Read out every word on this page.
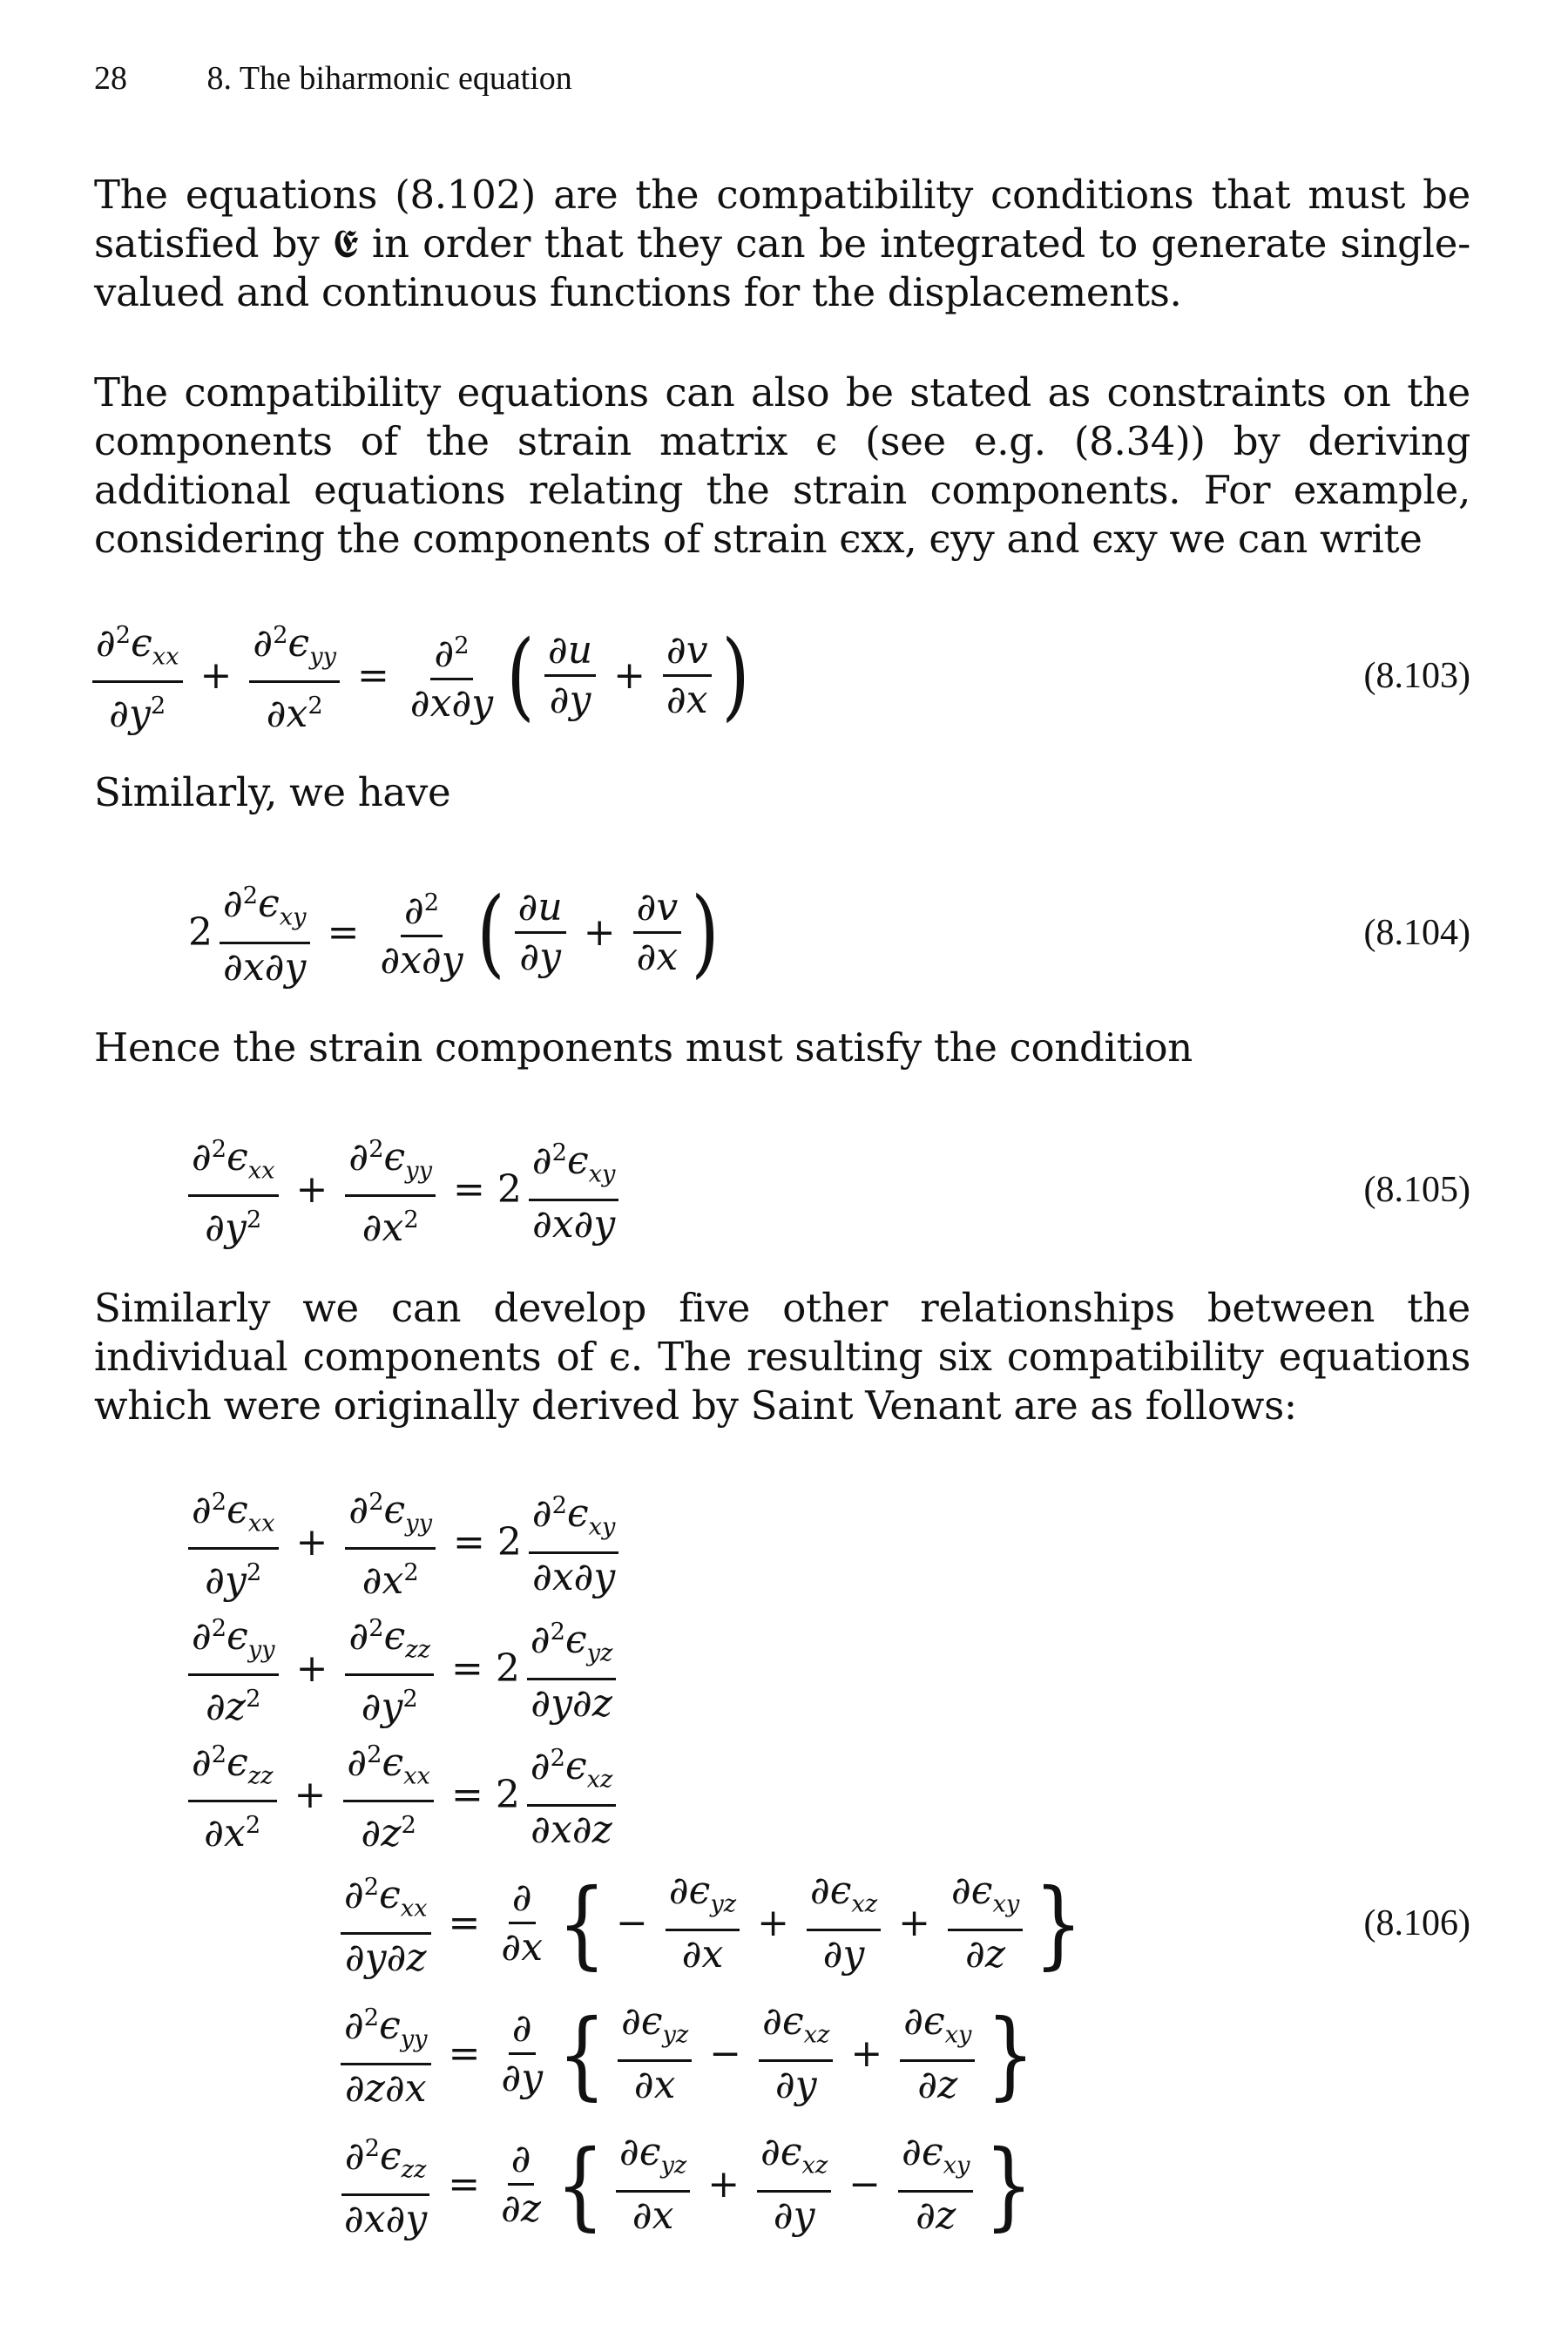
28 8. The biharmonic equation
The equations (8.102) are the compatibility conditions that must be satisfied by 𝕰 in order that they can be integrated to generate single-valued and continuous functions for the displacements.
The compatibility equations can also be stated as constraints on the components of the strain matrix ϵ (see e.g. (8.34)) by deriving additional equations relating the strain components. For example, considering the components of strain ϵxx, ϵyy and ϵxy we can write
$\frac{\partial^2\epsilon_{xx}}{\partial y^2} + \frac{\partial^2\epsilon_{yy}}{\partial x^2} = \frac{\partial^2}{\partial x\partial y}$ ( $\frac{\partial u}{\partial y} + \frac{\partial v}{\partial x}$ )	(8.103)
Similarly, we have
$2 \frac{\partial^2\epsilon_{xy}}{\partial x\partial y} = \frac{\partial^2}{\partial x\partial y}$ ( $\frac{\partial u}{\partial y} + \frac{\partial v}{\partial x}$ )	(8.104)
Hence the strain components must satisfy the condition
$\frac{\partial^2\epsilon_{xx}}{\partial y^2} + \frac{\partial^2\epsilon_{yy}}{\partial x^2} = 2 \frac{\partial^2\epsilon_{xy}}{\partial x\partial y}$	(8.105)
Similarly we can develop five other relationships between the individual components of ϵ. The resulting six compatibility equations which were originally derived by Saint Venant are as follows:
$\frac{\partial^2\epsilon_{xx}}{\partial y^2} + \frac{\partial^2\epsilon_{yy}}{\partial x^2} = 2 \frac{\partial^2\epsilon_{xy}}{\partial x\partial y}$
$\frac{\partial^2\epsilon_{yy}}{\partial z^2} + \frac{\partial^2\epsilon_{zz}}{\partial y^2} = 2 \frac{\partial^2\epsilon_{yz}}{\partial y\partial z}$
$\frac{\partial^2\epsilon_{zz}}{\partial x^2} + \frac{\partial^2\epsilon_{xx}}{\partial z^2} = 2 \frac{\partial^2\epsilon_{xz}}{\partial x\partial z}$
$\frac{\partial^2\epsilon_{xx}}{\partial y\partial z} = \frac{\partial}{\partial x}$ { − $\frac{\partial\epsilon_{yz}}{\partial x} + \frac{\partial\epsilon_{xz}}{\partial y} + \frac{\partial\epsilon_{xy}}{\partial z}$ }
$\frac{\partial^2\epsilon_{yy}}{\partial z\partial x} = \frac{\partial}{\partial y}$ { $\frac{\partial\epsilon_{yz}}{\partial x} - \frac{\partial\epsilon_{xz}}{\partial y} + \frac{\partial\epsilon_{xy}}{\partial z}$ }
$\frac{\partial^2\epsilon_{zz}}{\partial x\partial y} = \frac{\partial}{\partial z}$ { $\frac{\partial\epsilon_{yz}}{\partial x} + \frac{\partial\epsilon_{xz}}{\partial y} - \frac{\partial\epsilon_{xy}}{\partial z}$ }
(8.106)
